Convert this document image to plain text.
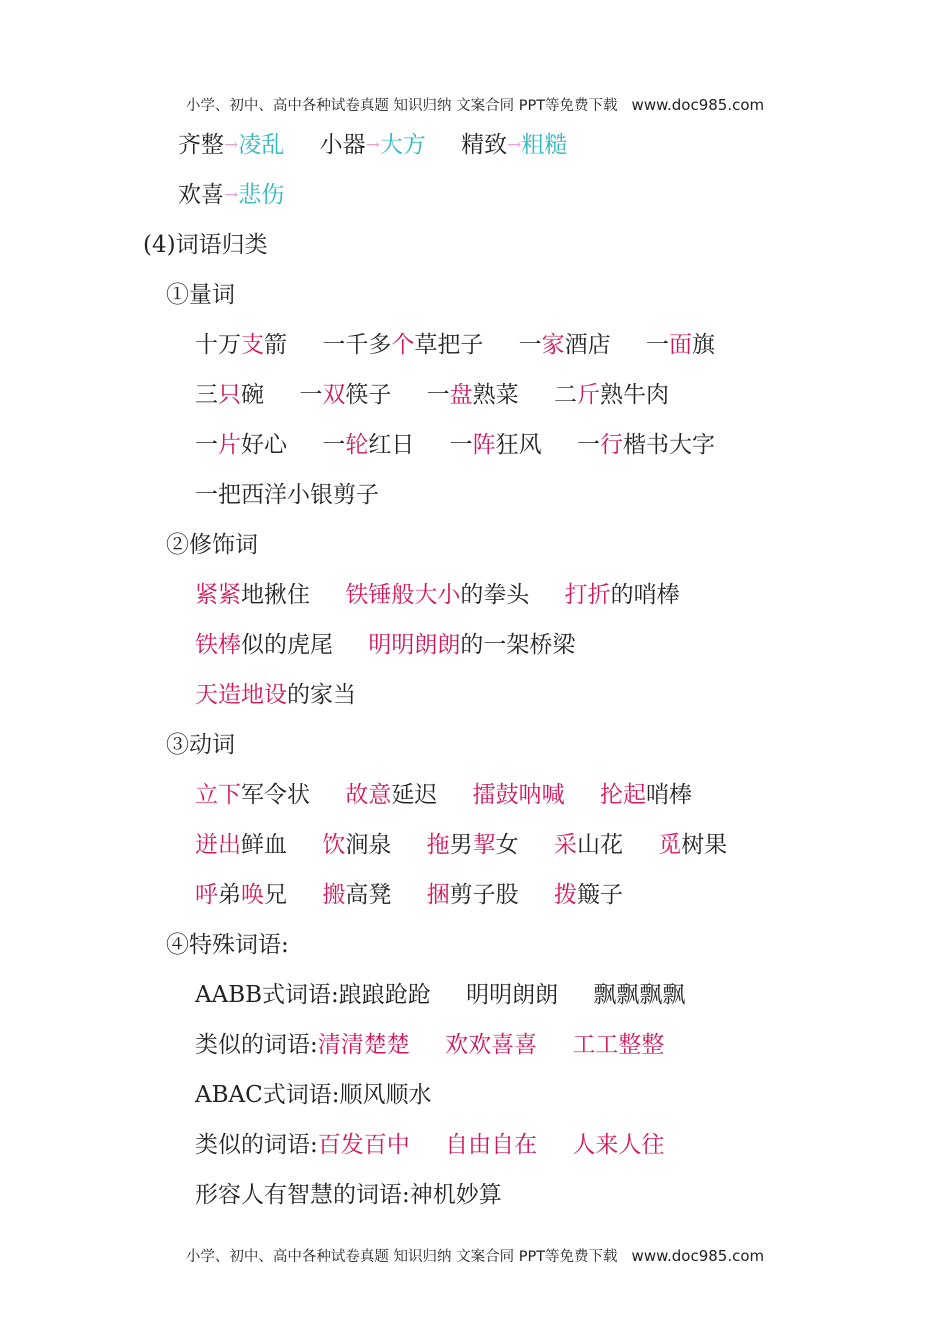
小学、初中、高中各种试卷真题 知识归纳 文案合同 PPT等免费下载 www.doc985.com
齐整→凌乱 小器→大方 精致→粗糙
欢喜→悲伤
(4)词语归类
①量词
十万支箭 一千多个草把子 一家酒店 一面旗
三只碗 一双筷子 一盘熟菜 二斤熟牛肉
一片好心 一轮红日 一阵狂风 一行楷书大字
一把西洋小银剪子
②修饰词
紧紧地揪住 铁锤般大小的拳头 打折的哨棒
铁棒似的虎尾 明明朗朗的一架桥梁
天造地设的家当
③动词
立下军令状 故意延迟 擂鼓呐喊 抡起哨棒
迸出鲜血 饮涧泉 拖男挈女 采山花 觅树果
呼弟唤兄 搬高凳 捆剪子股 拨簸子
④特殊词语:
AABB式词语:踉踉跄跄 明明朗朗 飘飘飘飘
类似的词语:清清楚楚 欢欢喜喜 工工整整
ABAC式词语:顺风顺水
类似的词语:百发百中 自由自在 人来人往
形容人有智慧的词语:神机妙算
小学、初中、高中各种试卷真题 知识归纳 文案合同 PPT等免费下载 www.doc985.com
